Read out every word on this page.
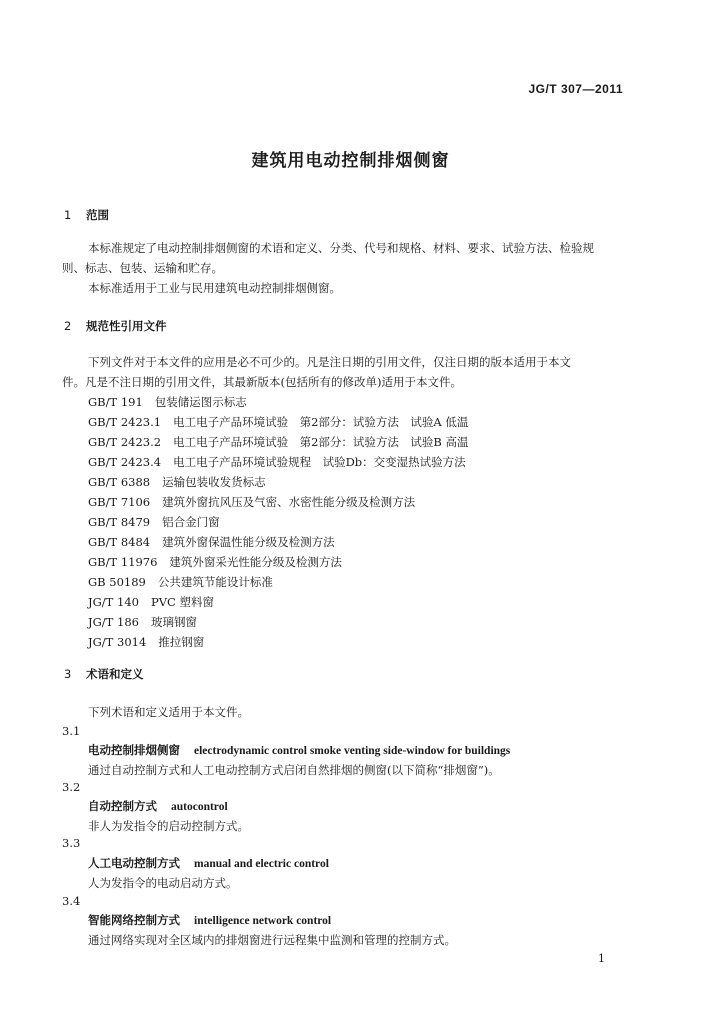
JG/T 307—2011
建筑用电动控制排烟侧窗
1 范围
本标准规定了电动控制排烟侧窗的术语和定义、分类、代号和规格、材料、要求、试验方法、检验规
则、标志、包装、运输和贮存。
本标准适用于工业与民用建筑电动控制排烟侧窗。
2 规范性引用文件
下列文件对于本文件的应用是必不可少的。凡是注日期的引用文件，仅注日期的版本适用于本文
件。凡是不注日期的引用文件，其最新版本(包括所有的修改单)适用于本文件。
GB/T 191 包装储运图示标志
GB/T 2423.1 电工电子产品环境试验　第2部分：试验方法　试验A 低温
GB/T 2423.2 电工电子产品环境试验　第2部分：试验方法　试验B 高温
GB/T 2423.4 电工电子产品环境试验规程　试验Db：交变湿热试验方法
GB/T 6388 运输包装收发货标志
GB/T 7106 建筑外窗抗风压及气密、水密性能分级及检测方法
GB/T 8479 铝合金门窗
GB/T 8484 建筑外窗保温性能分级及检测方法
GB/T 11976 建筑外窗采光性能分级及检测方法
GB 50189 公共建筑节能设计标准
JG/T 140 PVC 塑料窗
JG/T 186 玻璃钢窗
JG/T 3014 推拉钢窗
3 术语和定义
下列术语和定义适用于本文件。
3.1
电动控制排烟侧窗 electrodynamic control smoke venting side-window for buildings
通过自动控制方式和人工电动控制方式启闭自然排烟的侧窗(以下简称“排烟窗”)。
3.2
自动控制方式 autocontrol
非人为发指令的启动控制方式。
3.3
人工电动控制方式 manual and electric control
人为发指令的电动启动方式。
3.4
智能网络控制方式 intelligence network control
通过网络实现对全区域内的排烟窗进行远程集中监测和管理的控制方式。
1
